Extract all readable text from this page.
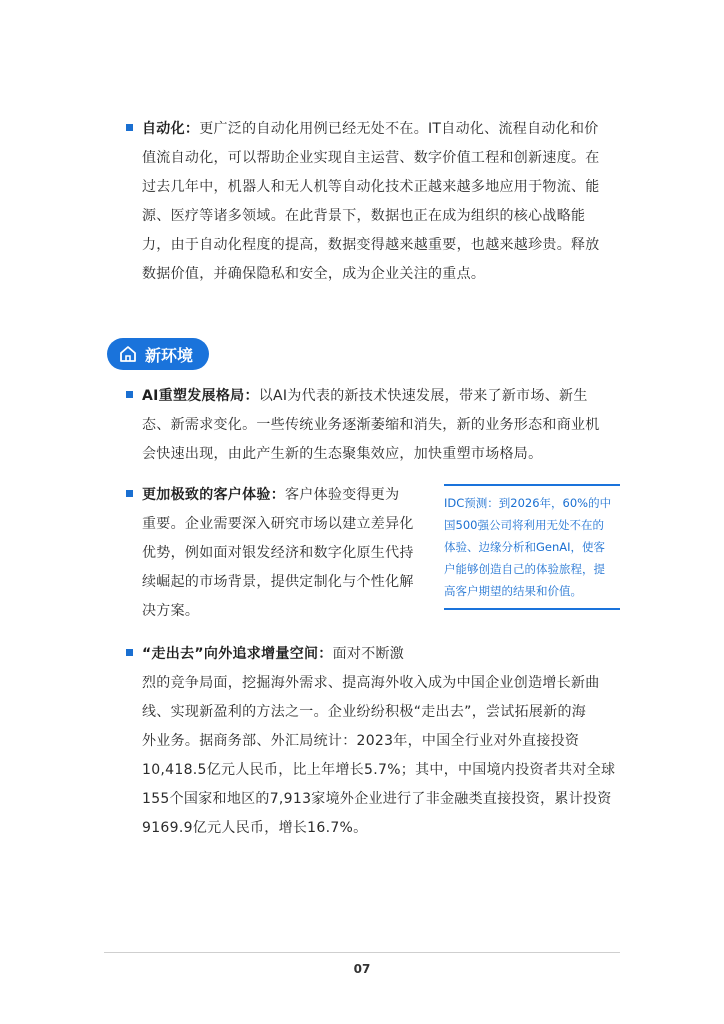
自动化：更广泛的自动化用例已经无处不在。IT自动化、流程自动化和价
值流自动化，可以帮助企业实现自主运营、数字价值工程和创新速度。在
过去几年中，机器人和无人机等自动化技术正越来越多地应用于物流、能
源、医疗等诸多领域。在此背景下，数据也正在成为组织的核心战略能
力，由于自动化程度的提高，数据变得越来越重要，也越来越珍贵。释放
数据价值，并确保隐私和安全，成为企业关注的重点。
新环境
AI重塑发展格局：以AI为代表的新技术快速发展，带来了新市场、新生
态、新需求变化。一些传统业务逐渐萎缩和消失，新的业务形态和商业机
会快速出现，由此产生新的生态聚集效应，加快重塑市场格局。
更加极致的客户体验：客户体验变得更为
重要。企业需要深入研究市场以建立差异化
优势，例如面对银发经济和数字化原生代持
续崛起的市场背景，提供定制化与个性化解
决方案。
IDC预测：到2026年，60%的中
国500强公司将利用无处不在的
体验、边缘分析和GenAI，使客
户能够创造自己的体验旅程，提
高客户期望的结果和价值。
“走出去”向外追求增量空间：面对不断激
烈的竞争局面，挖掘海外需求、提高海外收入成为中国企业创造增长新曲
线、实现新盈利的方法之一。企业纷纷积极“走出去”，尝试拓展新的海
外业务。据商务部、外汇局统计：2023年，中国全行业对外直接投资
10,418.5亿元人民币，比上年增长5.7%；其中，中国境内投资者共对全球
155个国家和地区的7,913家境外企业进行了非金融类直接投资，累计投资
9169.9亿元人民币，增长16.7%。
07
